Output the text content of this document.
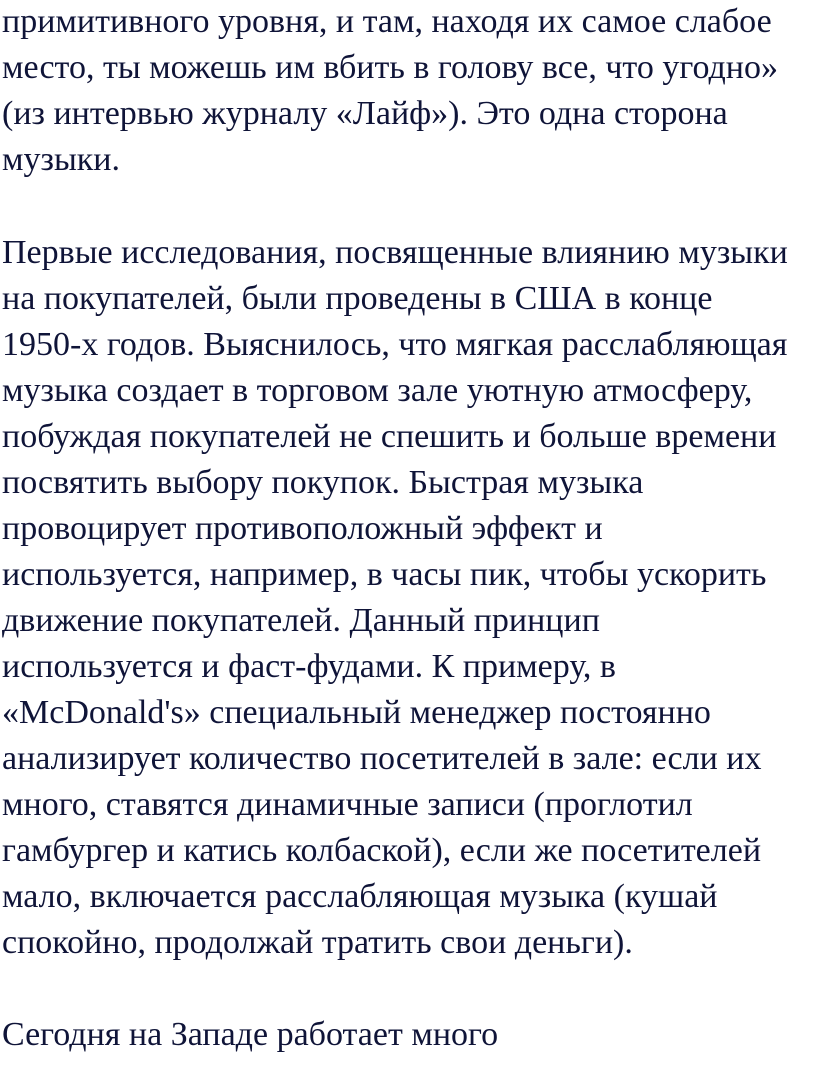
примитивного уровня, и там, находя их самое слабое
место, ты можешь им вбить в голову все, что угодно»
(из интервью журналу «Лайф»). Это одна сторона
музыки.
Первые исследования, посвященные влиянию музыки
на покупателей, были проведены в США в конце
1950-х годов. Выяснилось, что мягкая расслабляющая
музыка создает в торговом зале уютную атмосферу,
побуждая покупателей не спешить и больше времени
посвятить выбору покупок. Быстрая музыка
провоцирует противоположный эффект и
используется, например, в часы пик, чтобы ускорить
движение покупателей. Данный принцип
используется и фаст-фудами. К примеру, в
«McDonald's» специальный менеджер постоянно
анализирует количество посетителей в зале: если их
много, ставятся динамичные записи (проглотил
гамбургер и катись колбаской), если же посетителей
мало, включается расслабляющая музыка (кушай
спокойно, продолжай тратить свои деньги).
Сегодня на Западе работает много
